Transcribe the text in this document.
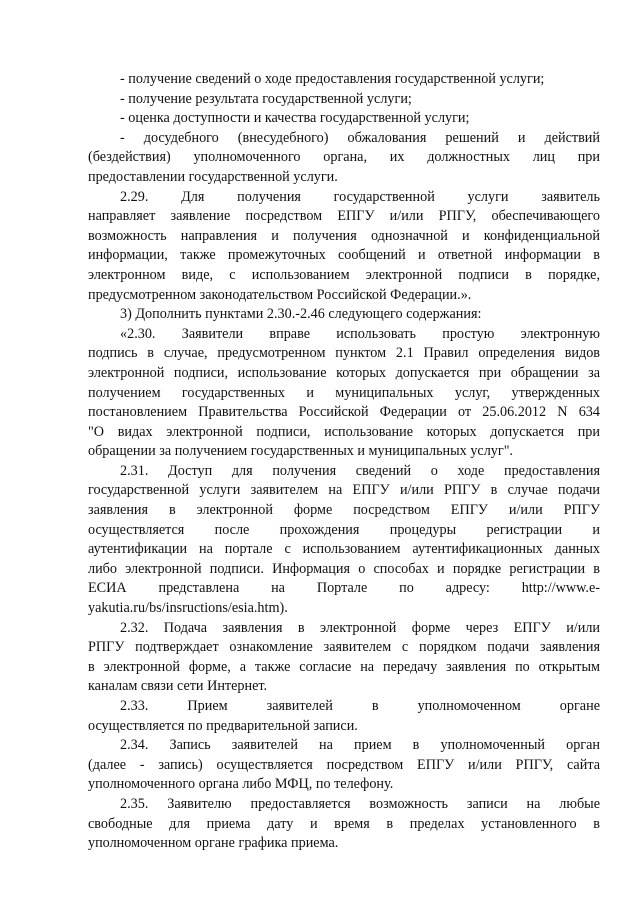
- получение сведений о ходе предоставления государственной услуги;
- получение результата государственной услуги;
- оценка доступности и качества государственной услуги;
- досудебного (внесудебного) обжалования решений и действий
(бездействия) уполномоченного органа, их должностных лиц при
предоставлении государственной услуги.
2.29. Для получения государственной услуги заявитель
направляет заявление посредством ЕПГУ и/или РПГУ, обеспечивающего
возможность направления и получения однозначной и конфиденциальной
информации, также промежуточных сообщений и ответной информации в
электронном виде, с использованием электронной подписи в порядке,
предусмотренном законодательством Российской Федерации.».
3) Дополнить пунктами 2.30.-2.46 следующего содержания:
«2.30. Заявители вправе использовать простую электронную
подпись в случае, предусмотренном пунктом 2.1 Правил определения видов
электронной подписи, использование которых допускается при обращении за
получением государственных и муниципальных услуг, утвержденных
постановлением Правительства Российской Федерации от 25.06.2012 N 634
"О видах электронной подписи, использование которых допускается при
обращении за получением государственных и муниципальных услуг".
2.31. Доступ для получения сведений о ходе предоставления
государственной услуги заявителем на ЕПГУ и/или РПГУ в случае подачи
заявления в электронной форме посредством ЕПГУ и/или РПГУ
осуществляется после прохождения процедуры регистрации и
аутентификации на портале с использованием аутентификационных данных
либо электронной подписи. Информация о способах и порядке регистрации в
ЕСИА представлена на Портале по адресу: http://www.e-
yakutia.ru/bs/insructions/esia.htm).
2.32. Подача заявления в электронной форме через ЕПГУ и/или
РПГУ подтверждает ознакомление заявителем с порядком подачи заявления
в электронной форме, а также согласие на передачу заявления по открытым
каналам связи сети Интернет.
2.33. Прием заявителей в уполномоченном органе
осуществляется по предварительной записи.
2.34. Запись заявителей на прием в уполномоченный орган
(далее - запись) осуществляется посредством ЕПГУ и/или РПГУ, сайта
уполномоченного органа либо МФЦ, по телефону.
2.35. Заявителю предоставляется возможность записи на любые
свободные для приема дату и время в пределах установленного в
уполномоченном органе графика приема.
